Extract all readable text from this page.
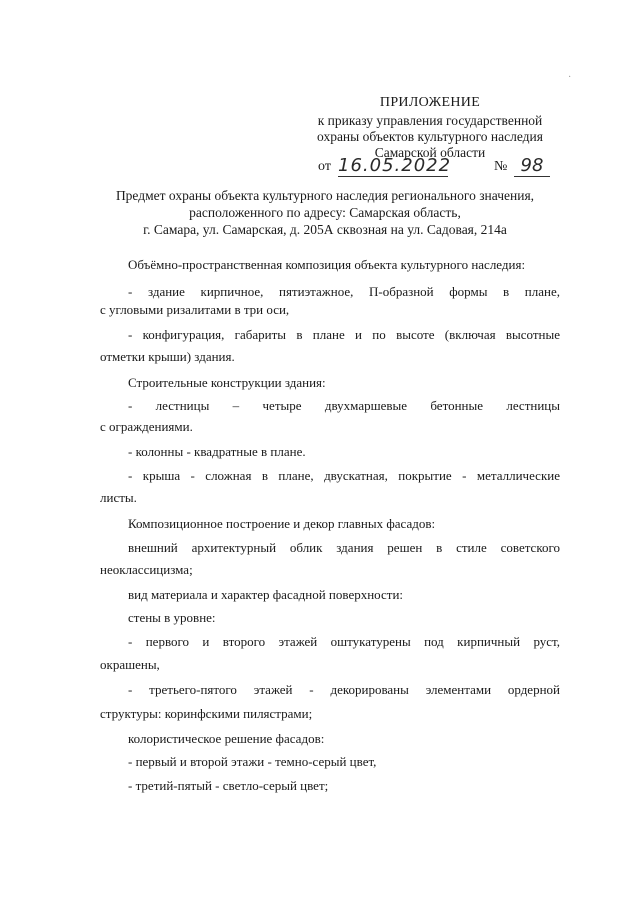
·
ПРИЛОЖЕНИЕ
к приказу управления государственной
охраны объектов культурного наследия
Самарской области
от 16.05.2022	№ 98
Предмет охраны объекта культурного наследия регионального значения,
расположенного по адресу: Самарская область,
г. Самара, ул. Самарская, д. 205А сквозная на ул. Садовая, 214а
Объёмно-пространственная композиция объекта культурного наследия:
- здание кирпичное, пятиэтажное, П-образной формы в плане,
с угловыми ризалитами в три оси,
- конфигурация, габариты в плане и по высоте (включая высотные
отметки крыши) здания.
Строительные конструкции здания:
- лестницы – четыре двухмаршевые бетонные лестницы
с ограждениями.
- колонны - квадратные в плане.
- крыша - сложная в плане, двускатная, покрытие - металлические
листы.
Композиционное построение и декор главных фасадов:
внешний архитектурный облик здания решен в стиле советского
неоклассицизма;
вид материала и характер фасадной поверхности:
стены в уровне:
- первого и второго этажей оштукатурены под кирпичный руст,
окрашены,
- третьего-пятого этажей - декорированы элементами ордерной
структуры: коринфскими пилястрами;
колористическое решение фасадов:
- первый и второй этажи - темно-серый цвет,
- третий-пятый - светло-серый цвет;
